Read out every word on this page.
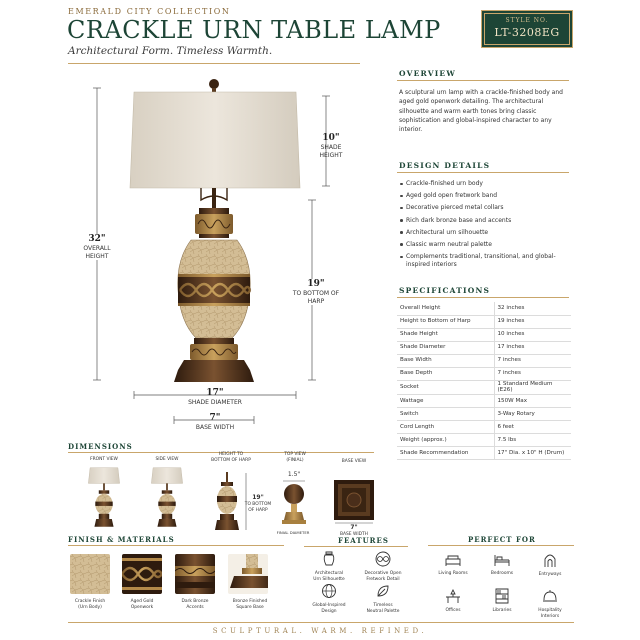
EMERALD CITY COLLECTION
CRACKLE URN TABLE LAMP
Architectural Form. Timeless Warmth.
STYLE NO.
LT-3208EG
32"
OVERALL
HEIGHT
10"
SHADE
HEIGHT
19"
TO BOTTOM OF
HARP
17"
SHADE DIAMETER
7"
BASE WIDTH
OVERVIEW
A sculptural urn lamp with a crackle-finished body and aged gold openwork detailing. The architectural silhouette and warm earth tones bring classic sophistication and global-inspired character to any interior.
DESIGN DETAILS
Crackle-finished urn body
Aged gold open fretwork band
Decorative pierced metal collars
Rich dark bronze base and accents
Architectural urn silhouette
Classic warm neutral palette
Complements traditional, transitional, and global-inspired interiors
SPECIFICATIONS
Overall Height	32 inches
Height to Bottom of Harp	19 inches
Shade Height	10 inches
Shade Diameter	17 inches
Base Width	7 inches
Base Depth	7 inches
Socket	1 Standard Medium (E26)
Wattage	150W Max
Switch	3-Way Rotary
Cord Length	6 feet
Weight (approx.)	7.5 lbs
Shade Recommendation	17" Dia. x 10" H (Drum)
DIMENSIONS
FRONT VIEW	SIDE VIEW
HEIGHT TO
BOTTOM OF HARP
19"
TO BOTTOM
OF HARP
TOP VIEW
(FINIAL)
1.5"
FINIAL DIAMETER
BASE VIEW
7"
BASE WIDTH
FEATURES
Architectural
Urn Silhouette
Decorative Open
Fretwork Detail
Global-Inspired
Design
Timeless
Neutral Palette
FINISH & MATERIALS
Crackle Finish
(Urn Body)
Aged Gold
Openwork
Dark Bronze
Accents
Bronze Finished
Square Base
PERFECT FOR
Living Rooms	Bedrooms	Entryways
Offices	Libraries	Hospitality
Interiors
SCULPTURAL. WARM. REFINED.
